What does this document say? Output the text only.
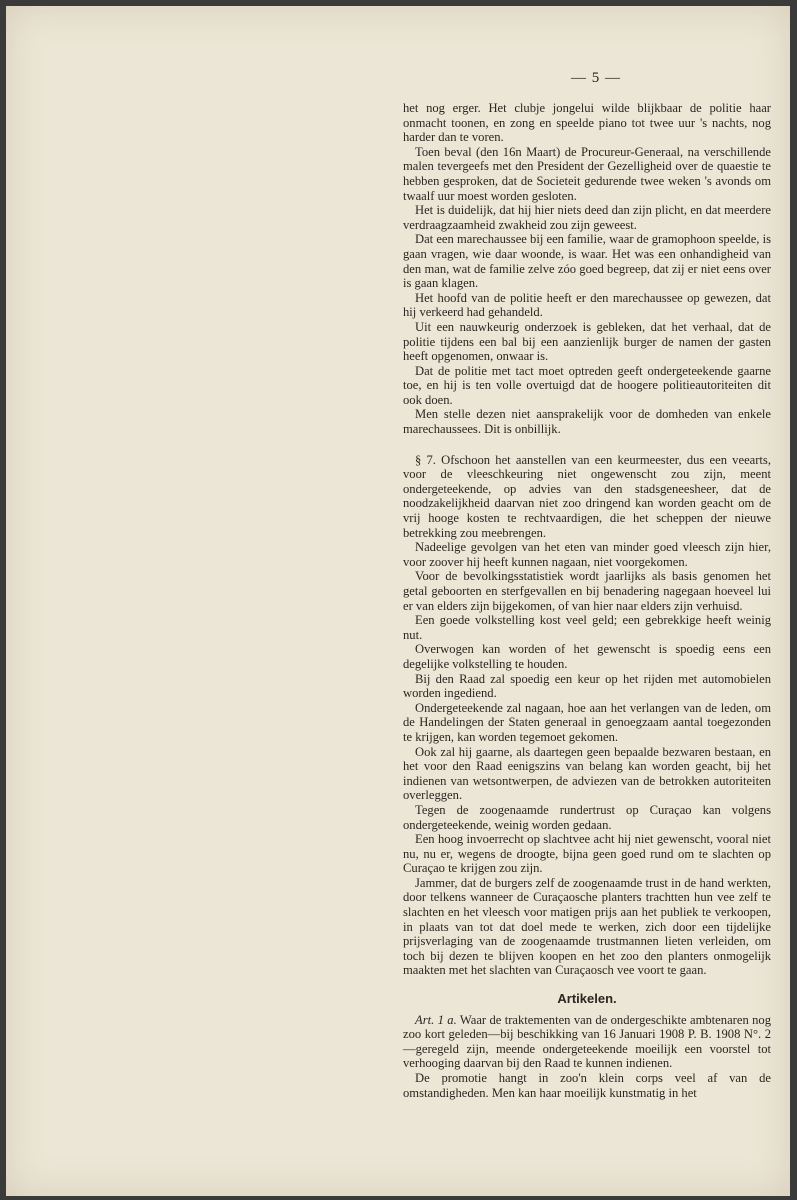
— 5 —

het nog erger. Het clubje jongelui wilde blijkbaar de politie haar onmacht toonen, en zong en speelde piano tot twee uur 's nachts, nog harder dan te voren.

Toen beval (den 16n Maart) de Procureur-Generaal, na verschillende malen tevergeefs met den President der Gezelligheid over de quaestie te hebben gesproken, dat de Societeit gedurende twee weken 's avonds om twaalf uur moest worden gesloten.

Het is duidelijk, dat hij hier niets deed dan zijn plicht, en dat meerdere verdraagzaamheid zwakheid zou zijn geweest.

Dat een marechaussee bij een familie, waar de gramophoon speelde, is gaan vragen, wie daar woonde, is waar. Het was een onhandigheid van den man, wat de familie zelve zóo goed begreep, dat zij er niet eens over is gaan klagen.

Het hoofd van de politie heeft er den marechaussee op gewezen, dat hij verkeerd had gehandeld.

Uit een nauwkeurig onderzoek is gebleken, dat het verhaal, dat de politie tijdens een bal bij een aanzienlijk burger de namen der gasten heeft opgenomen, onwaar is.

Dat de politie met tact moet optreden geeft ondergeteekende gaarne toe, en hij is ten volle overtuigd dat de hoogere politieautoriteiten dit ook doen.

Men stelle dezen niet aansprakelijk voor de domheden van enkele marechaussees. Dit is onbillijk.

§ 7. Ofschoon het aanstellen van een keurmeester, dus een veearts, voor de vleeschkeuring niet ongewenscht zou zijn, meent ondergeteekende, op advies van den stadsgeneesheer, dat de noodzakelijkheid daarvan niet zoo dringend kan worden geacht om de vrij hooge kosten te rechtvaardigen, die het scheppen der nieuwe betrekking zou meebrengen.

Nadeelige gevolgen van het eten van minder goed vleesch zijn hier, voor zoover hij heeft kunnen nagaan, niet voorgekomen.

Voor de bevolkingsstatistiek wordt jaarlijks als basis genomen het getal geboorten en sterfgevallen en bij benadering nagegaan hoeveel lui er van elders zijn bijgekomen, of van hier naar elders zijn verhuisd.

Een goede volkstelling kost veel geld; een gebrekkige heeft weinig nut.

Overwogen kan worden of het gewenscht is spoedig eens een degelijke volkstelling te houden.

Bij den Raad zal spoedig een keur op het rijden met automobielen worden ingediend.

Ondergeteekende zal nagaan, hoe aan het verlangen van de leden, om de Handelingen der Staten generaal in genoegzaam aantal toegezonden te krijgen, kan worden tegemoet gekomen.

Ook zal hij gaarne, als daartegen geen bepaalde bezwaren bestaan, en het voor den Raad eenigszins van belang kan worden geacht, bij het indienen van wetsontwerpen, de adviezen van de betrokken autoriteiten overleggen.

Tegen de zoogenaamde rundertrust op Curaçao kan volgens ondergeteekende, weinig worden gedaan.

Een hoog invoerrecht op slachtvee acht hij niet gewenscht, vooral niet nu, nu er, wegens de droogte, bijna geen goed rund om te slachten op Curaçao te krijgen zou zijn.

Jammer, dat de burgers zelf de zoogenaamde trust in de hand werkten, door telkens wanneer de Curaçaosche planters trachtten hun vee zelf te slachten en het vleesch voor matigen prijs aan het publiek te verkoopen, in plaats van tot dat doel mede te werken, zich door een tijdelijke prijsverlaging van de zoogenaamde trustmannen lieten verleiden, om toch bij dezen te blijven koopen en het zoo den planters onmogelijk maakten met het slachten van Curaçaosch vee voort te gaan.

Artikelen.

Art. 1 a. Waar de traktementen van de ondergeschikte ambtenaren nog zoo kort geleden—bij beschikking van 16 Januari 1908 P. B. 1908 N°. 2—geregeld zijn, meende ondergeteekende moeilijk een voorstel tot verhooging daarvan bij den Raad te kunnen indienen.

De promotie hangt in zoo'n klein corps veel af van de omstandigheden. Men kan haar moeilijk kunstmatig in het
